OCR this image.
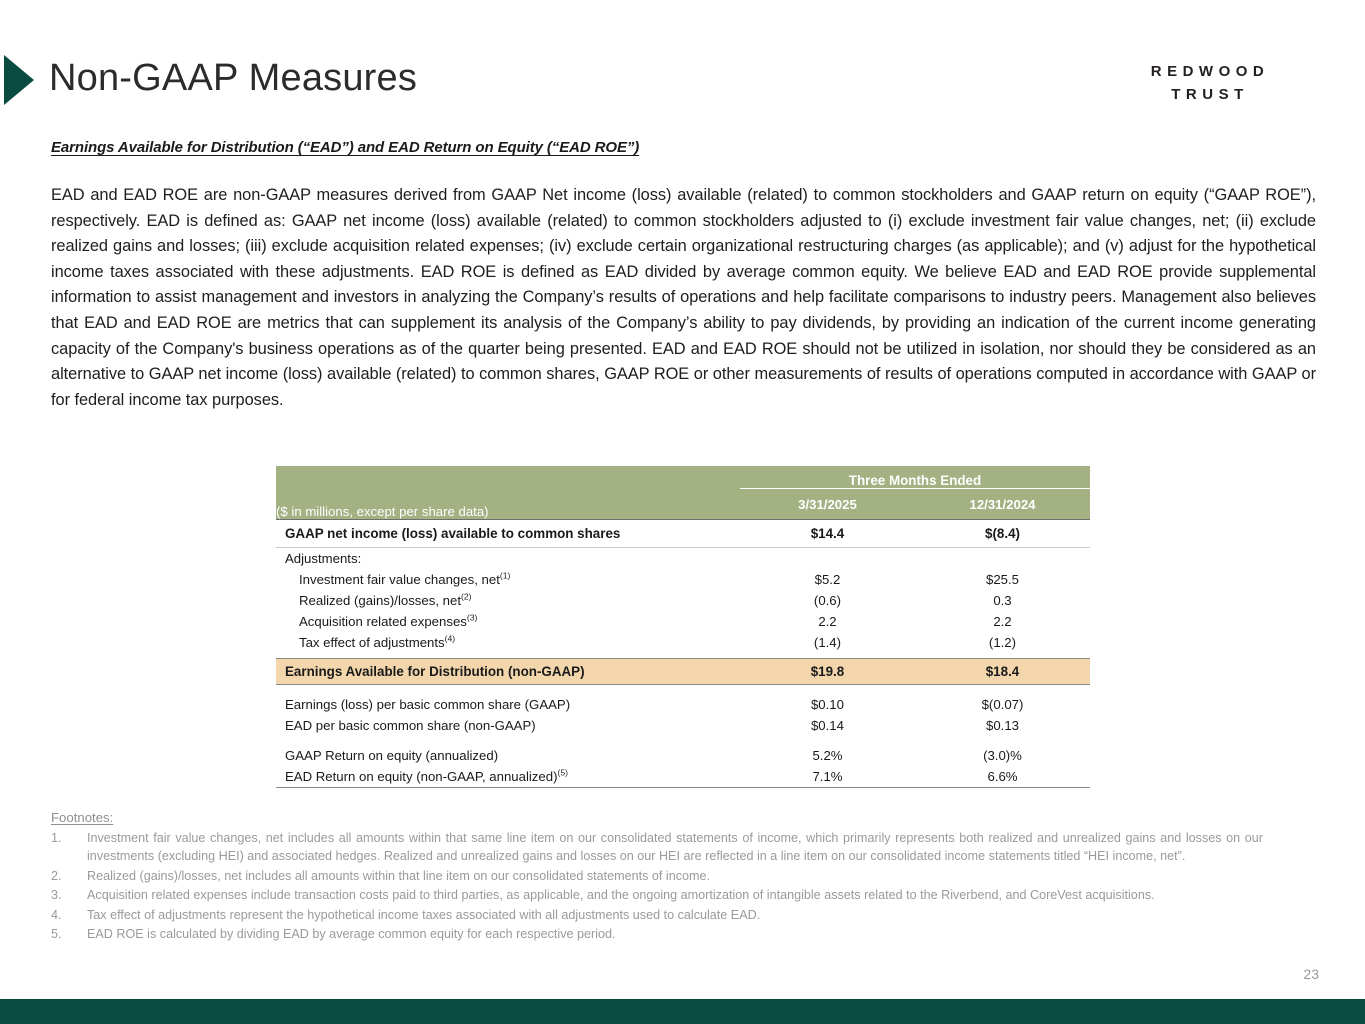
Non-GAAP Measures	REDWOOD
TRUST
Earnings Available for Distribution (“EAD”) and EAD Return on Equity (“EAD ROE”)
EAD and EAD ROE are non-GAAP measures derived from GAAP Net income (loss) available (related) to common stockholders and GAAP return on equity (“GAAP ROE”), respectively. EAD is defined as: GAAP net income (loss) available (related) to common stockholders adjusted to (i) exclude investment fair value changes, net; (ii) exclude realized gains and losses; (iii) exclude acquisition related expenses; (iv) exclude certain organizational restructuring charges (as applicable); and (v) adjust for the hypothetical income taxes associated with these adjustments. EAD ROE is defined as EAD divided by average common equity. We believe EAD and EAD ROE provide supplemental information to assist management and investors in analyzing the Company’s results of operations and help facilitate comparisons to industry peers. Management also believes that EAD and EAD ROE are metrics that can supplement its analysis of the Company’s ability to pay dividends, by providing an indication of the current income generating capacity of the Company's business operations as of the quarter being presented. EAD and EAD ROE should not be utilized in isolation, nor should they be considered as an alternative to GAAP net income (loss) available (related) to common shares, GAAP ROE or other measurements of results of operations computed in accordance with GAAP or for federal income tax purposes.
	Three Months Ended	
($ in millions, except per share data)	3/31/2025	12/31/2024
GAAP net income (loss) available to common shares	$14.4	$(8.4)
Adjustments:		
Investment fair value changes, net$^{(1)}$	$5.2	$25.5
Realized (gains)/losses, net$^{(2)}$	(0.6)	0.3
Acquisition related expenses$^{(3)}$	2.2	2.2
Tax effect of adjustments$^{(4)}$	(1.4)	(1.2)

Earnings Available for Distribution (non-GAAP)	$19.8	$18.4

Earnings (loss) per basic common share (GAAP)	$0.10	$(0.07)
EAD per basic common share (non-GAAP)	$0.14	$0.13

GAAP Return on equity (annualized)	5.2%	(3.0)%
EAD Return on equity (non-GAAP, annualized)$^{(5)}$	7.1%	6.6%
Footnotes:
1.	Investment fair value changes, net includes all amounts within that same line item on our consolidated statements of income, which primarily represents both realized and unrealized gains and losses on our investments (excluding HEI) and associated hedges. Realized and unrealized gains and losses on our HEI are reflected in a line item on our consolidated income statements titled “HEI income, net”.
2.	Realized (gains)/losses, net includes all amounts within that line item on our consolidated statements of income.
3.	Acquisition related expenses include transaction costs paid to third parties, as applicable, and the ongoing amortization of intangible assets related to the Riverbend, and CoreVest acquisitions.
4.	Tax effect of adjustments represent the hypothetical income taxes associated with all adjustments used to calculate EAD.
5.	EAD ROE is calculated by dividing EAD by average common equity for each respective period.
23
